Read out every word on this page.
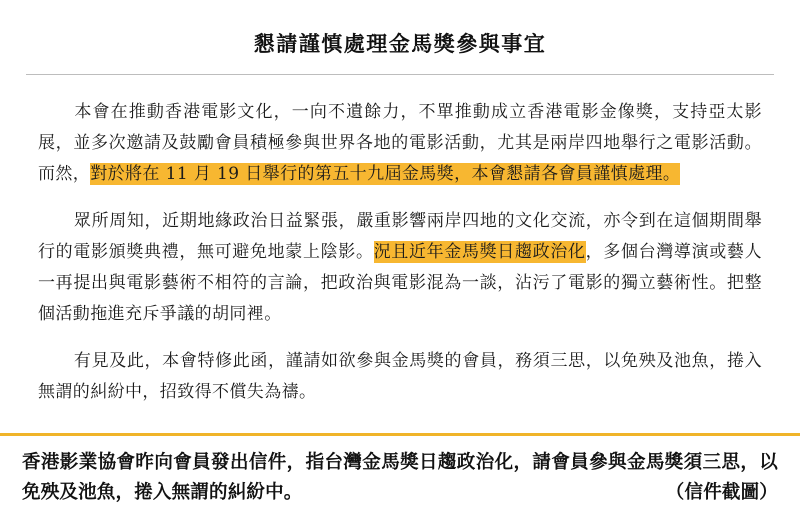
懇請謹慎處理金馬獎參與事宜

本會在推動香港電影文化，一向不遺餘力，不單推動成立香港電影金像獎，支持亞太影展，並多次邀請及鼓勵會員積極參與世界各地的電影活動，尤其是兩岸四地舉行之電影活動。而然，對於將在 11 月 19 日舉行的第五十九屆金馬獎，本會懇請各會員謹慎處理。

眾所周知，近期地緣政治日益緊張，嚴重影響兩岸四地的文化交流，亦令到在這個期間舉行的電影頒獎典禮，無可避免地蒙上陰影。況且近年金馬獎日趨政治化，多個台灣導演或藝人一再提出與電影藝術不相符的言論，把政治與電影混為一談，沾污了電影的獨立藝術性。把整個活動拖進充斥爭議的胡同裡。

有見及此，本會特修此函，謹請如欲參與金馬獎的會員，務須三思，以免殃及池魚，捲入無謂的糾紛中，招致得不償失為禱。

香港影業協會昨向會員發出信件，指台灣金馬獎日趨政治化，請會員參與金馬獎須三思，以免殃及池魚，捲入無謂的糾紛中。	（信件截圖）
